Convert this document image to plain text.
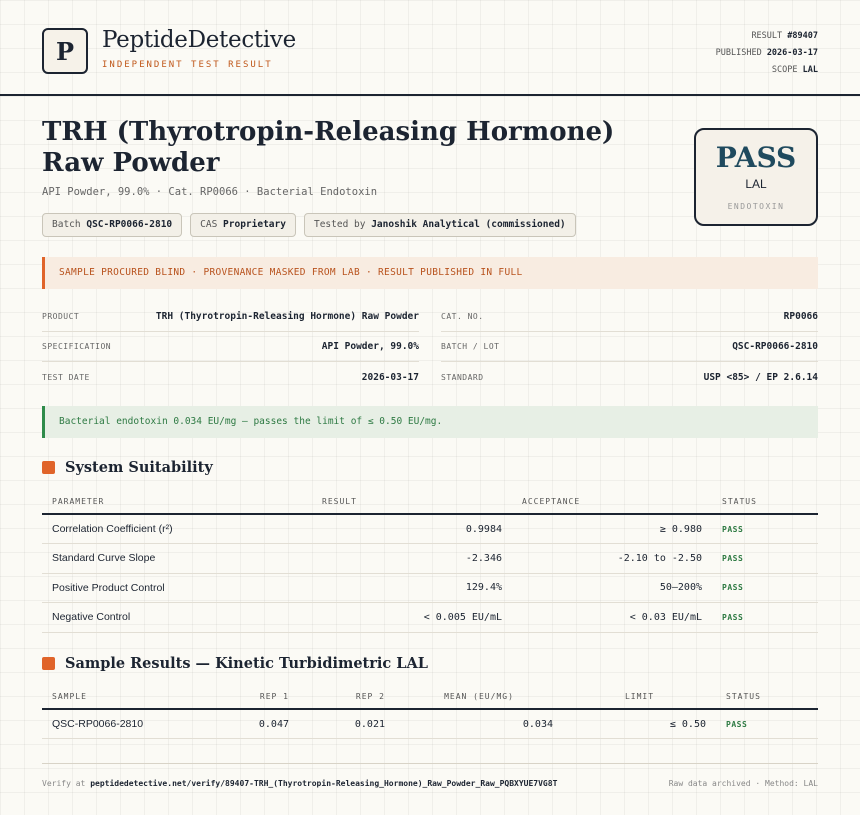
P	PeptideDetective
INDEPENDENT TEST RESULT
RESULT #89407
PUBLISHED 2026-03-17
SCOPE LAL
TRH (Thyrotropin-Releasing Hormone) Raw Powder
API Powder, 99.0% · Cat. RP0066 · Bacterial Endotoxin
Batch QSC-RP0066-2810	CAS Proprietary	Tested by Janoshik Analytical (commissioned)
PASS
LAL
ENDOTOXIN
SAMPLE PROCURED BLIND · PROVENANCE MASKED FROM LAB · RESULT PUBLISHED IN FULL
PRODUCT	TRH (Thyrotropin-Releasing Hormone) Raw Powder
SPECIFICATION	API Powder, 99.0%
TEST DATE	2026-03-17
CAT. NO.	RP0066
BATCH / LOT	QSC-RP0066-2810
STANDARD	USP <85> / EP 2.6.14
Bacterial endotoxin 0.034 EU/mg — passes the limit of ≤ 0.50 EU/mg.
System Suitability
PARAMETER	RESULT	ACCEPTANCE	STATUS
Correlation Coefficient (r²)	0.9984	≥ 0.980	PASS
Standard Curve Slope	-2.346	-2.10 to -2.50	PASS
Positive Product Control	129.4%	50–200%	PASS
Negative Control	< 0.005 EU/mL	< 0.03 EU/mL	PASS
Sample Results — Kinetic Turbidimetric LAL
SAMPLE	REP 1	REP 2	MEAN (EU/MG)	LIMIT	STATUS
QSC-RP0066-2810	0.047	0.021	0.034	≤ 0.50	PASS
Verify at peptidedetective.net/verify/89407-TRH_(Thyrotropin-Releasing_Hormone)_Raw_Powder_Raw_PQBXYUE7VG8T	Raw data archived · Method: LAL
